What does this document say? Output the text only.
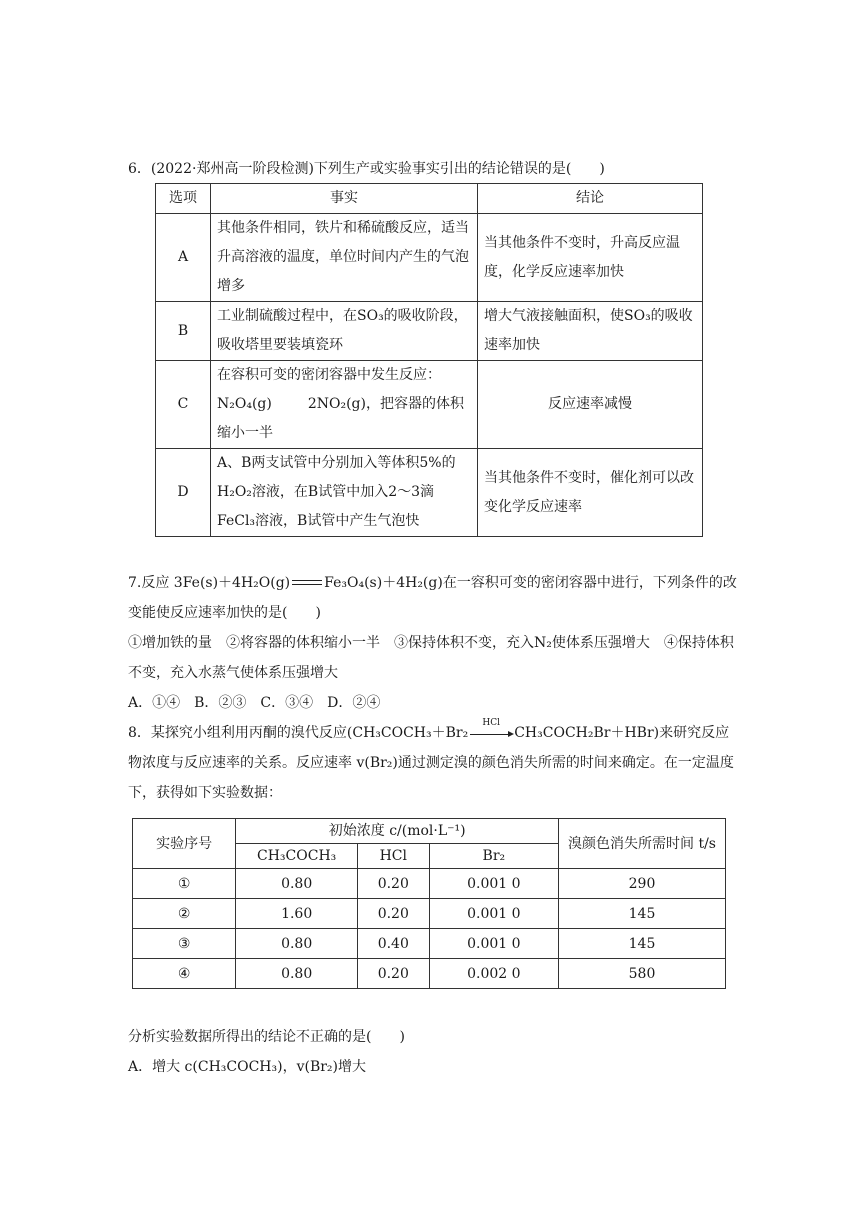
6．(2022·郑州高一阶段检测)下列生产或实验事实引出的结论错误的是(　　)
选项	事实	结论
A	其他条件相同，铁片和稀硫酸反应，适当升高溶液的温度，单位时间内产生的气泡增多	当其他条件不变时，升高反应温度，化学反应速率加快
B	工业制硫酸过程中，在SO₃的吸收阶段，吸收塔里要装填瓷环	增大气液接触面积，使SO₃的吸收速率加快
C	在容积可变的密闭容器中发生反应：N₂O₄(g) 2NO₂(g)，把容器的体积缩小一半	反应速率减慢
D	A、B两支试管中分别加入等体积5%的H₂O₂溶液，在B试管中加入2～3滴FeCl₃溶液，B试管中产生气泡快	当其他条件不变时，催化剂可以改变化学反应速率
7.反应 3Fe(s)＋4H₂O(g) Fe₃O₄(s)＋4H₂(g)在一容积可变的密闭容器中进行，下列条件的改变能使反应速率加快的是(　　)
①增加铁的量　②将容器的体积缩小一半　③保持体积不变，充入N₂使体系压强增大　④保持体积不变，充入水蒸气使体系压强增大
A．①④　B．②③　C．③④　D．②④
8．某探究小组利用丙酮的溴代反应(CH₃COCH₃＋Br₂
HCl
CH₃COCH₂Br＋HBr)来研究反应物浓度与反应速率的关系。反应速率 v(Br₂)通过测定溴的颜色消失所需的时间来确定。在一定温度下，获得如下实验数据：
实验序号	初始浓度 c/(mol·L⁻¹)			溴颜色消失所需时间 t/s
	CH₃COCH₃	HCl	Br₂	
①	0.80	0.20	0.001 0	290
②	1.60	0.20	0.001 0	145
③	0.80	0.40	0.001 0	145
④	0.80	0.20	0.002 0	580
分析实验数据所得出的结论不正确的是(　　)
A．增大 c(CH₃COCH₃)，v(Br₂)增大
